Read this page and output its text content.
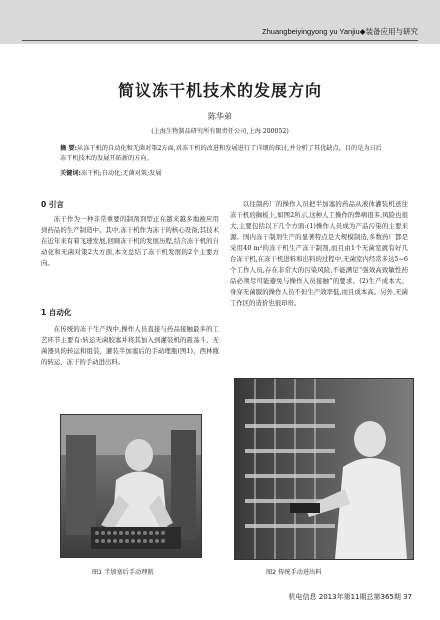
Zhuangbeiyingyong yu Yanjiu◆装备应用与研究
简议冻干机技术的发展方向
陈华弟
(上海生物制品研究所有限责任公司,上海 200052)
摘 要:从冻干机的自动化和无菌对策2方面,对冻干机的改进和发展进行了详细的探讨,并分析了其优缺点。目的是为日后冻干机技术的发展开拓新的方向。
关键词:冻干机;自动化;无菌对策;发展
0 引言
冻干作为一种非常重要的制剂剂型正在越来越多地被应用到药品的生产制造中。其中,冻干机作为冻干的核心设备,其技术在近年来有着飞速发展,回顾冻干机的发展历程,结合冻干机的自动化和无菌对策2大方面,本文总结了冻干机发展的2个主要方向。
1 自动化
在传统的冻干生产线中,操作人员直接与药品接触最多的工艺环节主要有:转运无菌胶塞并将其加入到灌装机的震荡斗、无菌器具的转运和组装、灌装半加塞后的手动理瓶(图1)、西林瓶的转运、冻干的手动进出料。
以往制药厂的操作人员把半加塞的药品从液体灌装机送往冻干机的搁板上,如图2所示,这种人工操作的弊病很多,风险也很大,主要包括以下几个方面:(1)操作人员成为产品污染的主要来源。国内冻干制剂生产的显著特点是大规模制造,多数药厂都是采用40 m²的冻干机生产冻干制剂,而且由1个无菌室就有好几台冻干机,在冻干机进料和出料的过程中,无菌室内经常多达5~6个工作人员,存在非常大的污染风险,不能满足“强效高致敏性药品必须尽可能避免与操作人员接触”的要求。(2)生产成本大。身穿无菌服的操作人员不但生产效率低,而且成本高。另外,无菌工作区的造价也很昂贵。
图1 半加塞后手动理瓶	图2 传统手动进出料
机电信息 2013年第11期总第365期 37
